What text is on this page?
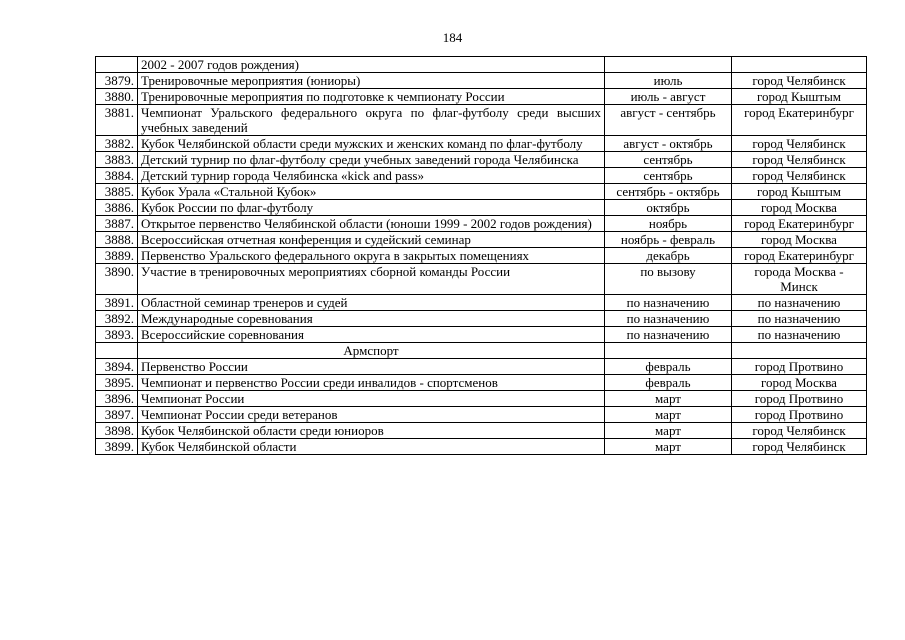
184
	2002 - 2007 годов рождения)		
3879.	Тренировочные мероприятия (юниоры)	июль	город Челябинск
3880.	Тренировочные мероприятия по подготовке к чемпионату России	июль - август	город Кыштым
3881.	Чемпионат Уральского федерального округа по флаг-футболу среди высших учебных заведений	август - сентябрь	город Екатеринбург
3882.	Кубок Челябинской области среди мужских и женских команд по флаг-футболу	август - октябрь	город Челябинск
3883.	Детский турнир по флаг-футболу среди учебных заведений города Челябинска	сентябрь	город Челябинск
3884.	Детский турнир города Челябинска «kick and pass»	сентябрь	город Челябинск
3885.	Кубок Урала «Стальной Кубок»	сентябрь - октябрь	город Кыштым
3886.	Кубок России по флаг-футболу	октябрь	город Москва
3887.	Открытое первенство Челябинской области (юноши 1999 - 2002 годов рождения)	ноябрь	город Екатеринбург
3888.	Всероссийская отчетная конференция и судейский семинар	ноябрь - февраль	город Москва
3889.	Первенство Уральского федерального округа в закрытых помещениях	декабрь	город Екатеринбург
3890.	Участие в тренировочных мероприятиях сборной команды России	по вызову	города Москва - Минск
3891.	Областной семинар тренеров и судей	по назначению	по назначению
3892.	Международные соревнования	по назначению	по назначению
3893.	Всероссийские соревнования	по назначению	по назначению
	Армспорт		
3894.	Первенство России	февраль	город Протвино
3895.	Чемпионат и первенство России среди инвалидов - спортсменов	февраль	город Москва
3896.	Чемпионат России	март	город Протвино
3897.	Чемпионат России среди ветеранов	март	город Протвино
3898.	Кубок Челябинской области среди юниоров	март	город Челябинск
3899.	Кубок Челябинской области	март	город Челябинск
